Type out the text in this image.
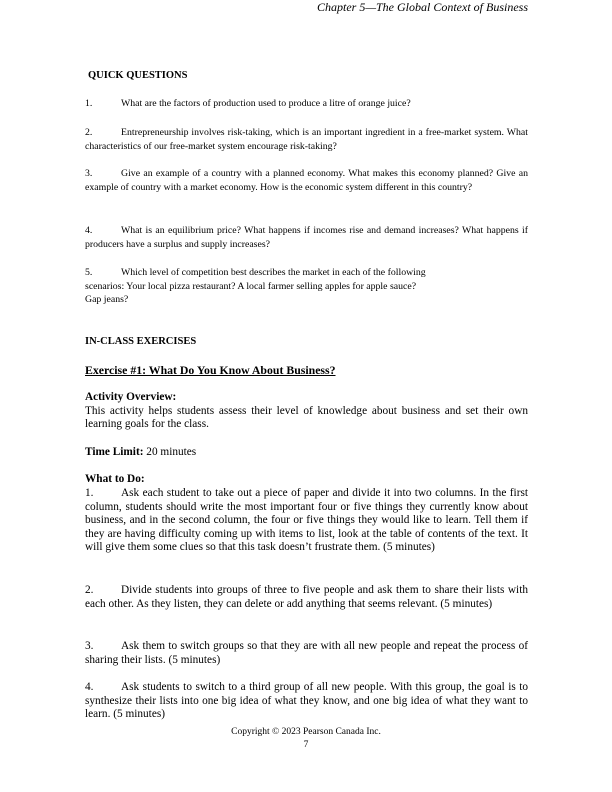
Chapter 5—The Global Context of Business
QUICK QUESTIONS
1.	What are the factors of production used to produce a litre of orange juice?
2.	Entrepreneurship involves risk-taking, which is an important ingredient in a free-market system. What characteristics of our free-market system encourage risk-taking?
3.	Give an example of a country with a planned economy. What makes this economy planned? Give an example of country with a market economy. How is the economic system different in this country?
4.	What is an equilibrium price? What happens if incomes rise and demand increases? What happens if producers have a surplus and supply increases?
5.	Which level of competition best describes the market in each of the following
scenarios: Your local pizza restaurant? A local farmer selling apples for apple sauce?
Gap jeans?
IN-CLASS EXERCISES
Exercise #1: What Do You Know About Business?
Activity Overview:
This activity helps students assess their level of knowledge about business and set their own learning goals for the class.
Time Limit: 20 minutes
What to Do:
1. Ask each student to take out a piece of paper and divide it into two columns. In the first column, students should write the most important four or five things they currently know about business, and in the second column, the four or five things they would like to learn. Tell them if they are having difficulty coming up with items to list, look at the table of contents of the text. It will give them some clues so that this task doesn’t frustrate them. (5 minutes)
2. Divide students into groups of three to five people and ask them to share their lists with each other. As they listen, they can delete or add anything that seems relevant. (5 minutes)
3. Ask them to switch groups so that they are with all new people and repeat the process of sharing their lists. (5 minutes)
4. Ask students to switch to a third group of all new people. With this group, the goal is to synthesize their lists into one big idea of what they know, and one big idea of what they want to learn. (5 minutes)
Copyright © 2023 Pearson Canada Inc.
7
